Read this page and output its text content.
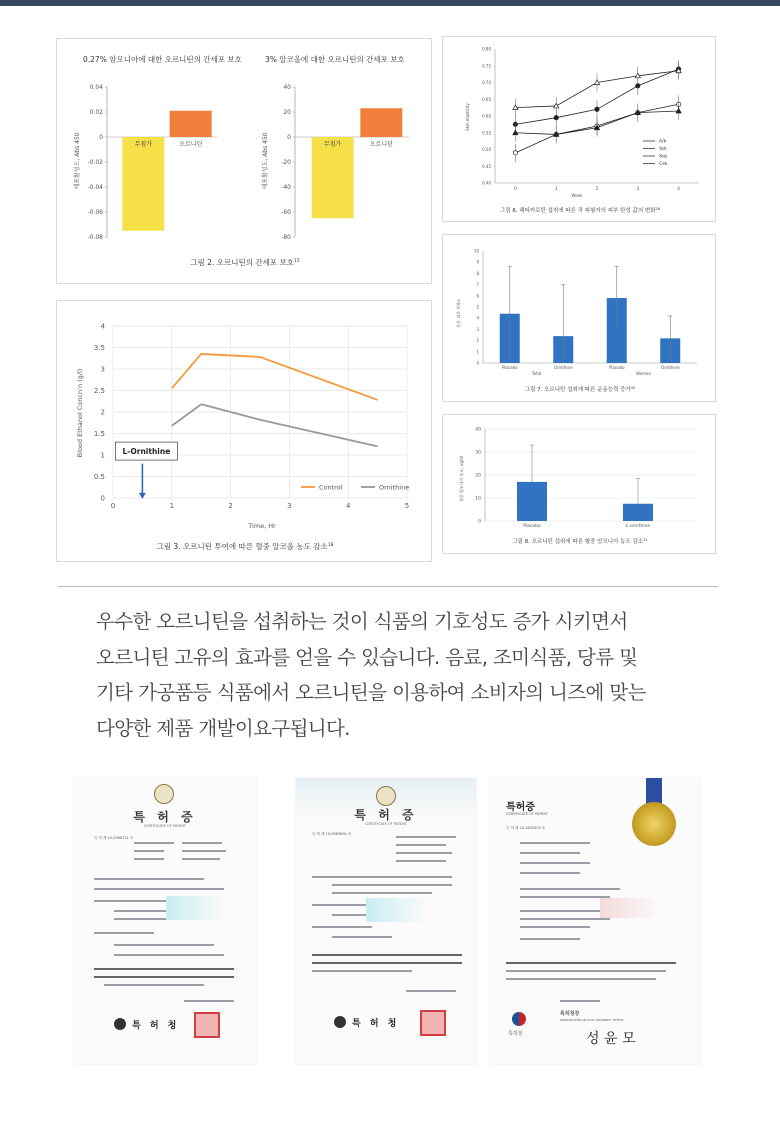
0.27% 암모니아에 대한 오르니틴의 간세포 보호	3% 알코올에 대한 오르니틴의 간세포 보호
세포활성도, Abs 450	세포활성도, Abs 450
0.04
0.02
0
-0.02
-0.04
-0.06
-0.08
무첨가	오르니틴
40
20
0
-20
-40
-60
-80
무첨가	오르니틴
그림 2. 오르니틴의 간세포 보호$^{15}$
Blood Ethanol Concn'n (g/l)
Time, Hr
0
0.5
1
1.5
2
2.5
3
3.5
4
0	1	2	3	4	5
Control	Ornithine
L-Ornithine
그림 3. 오르니틴 투여에 따른 혈중 알코올 농도 감소$^{18}$
Skin elasticity
Week
0.80
0.75
0.70
0.65
0.60
0.55
0.50
0.45
0.40
0	1	2	3	4
A/h
Yoh
Yoq
Cek
그림 6. 헤티카로틴 섭취에 따른 각 피험자의 피부 탄성 값의 변화$^{26}$
운동 피로 회복도
0
1
2
3
4
5
6
7
8
9
10
Placebo	Ornithine	Placebo	Ornithine
Total	Women
그림 7. 오르니틴 섭취에 따른 운동능력 증가$^{30}$
혈중 암모니아 농도, ug/dl
0
10
20
30
40
Placebo	L-ornithine
그림 8. 오르니틴 섭취에 따른 혈중 암모니아 농도 감소$^{31}$
우수한 오르니틴을 섭취하는 것이 식품의 기호성도 증가 시키면서
오르니틴 고유의 효과를 얻을 수 있습니다. 음료, 조미식품, 당류 및
기타 가공품등 식품에서 오르니틴을 이용하여 소비자의 니즈에 맞는
다양한 제품 개발이요구됩니다.
특 허 증
CERTIFICATE OF PATENT
특 허 제 10-0368721 호
특 허 청
특 허 증
CERTIFICATE OF PATENT
특 허 제 10-0963690 호
특 허 청
특허증
CERTIFICATE OF PATENT
특 허 제 10-1843553 호
특허청
특허청장
KOREAN INTELLECTUAL PROPERTY OFFICE
성 윤 모
